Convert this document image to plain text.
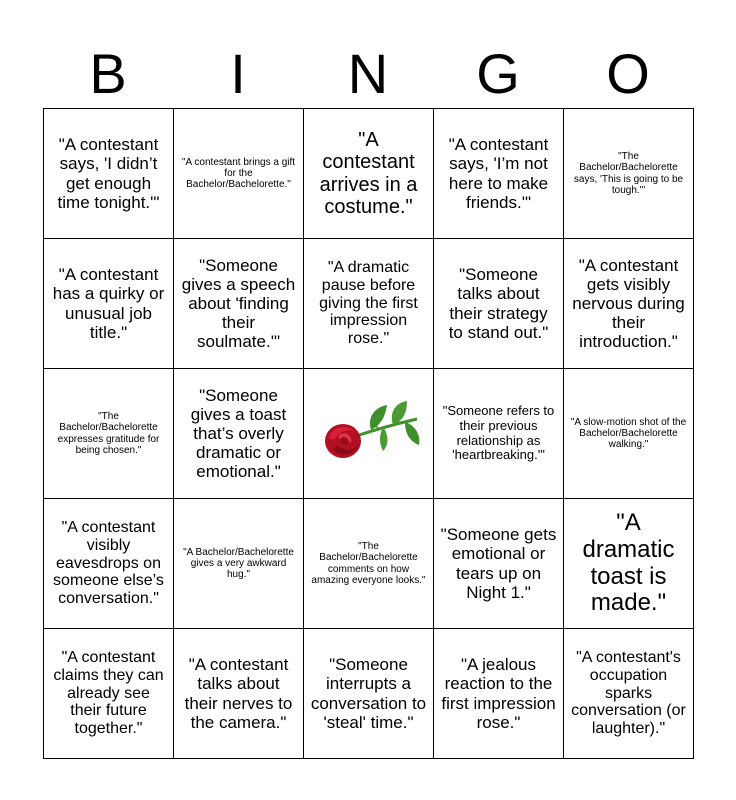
B	I	N	G	O
"A contestant says, 'I didn’t get enough time tonight.'"	"A contestant brings a gift for the Bachelor/Bachelorette."	"A contestant arrives in a costume."	"A contestant says, 'I’m not here to make friends.'"	"The Bachelor/Bachelorette says, 'This is going to be tough.'"
"A contestant has a quirky or unusual job title."	"Someone gives a speech about 'finding their soulmate.'"	"A dramatic pause before giving the first impression rose."	"Someone talks about their strategy to stand out."	"A contestant gets visibly nervous during their introduction."
"The Bachelor/Bachelorette expresses gratitude for being chosen."	"Someone gives a toast that’s overly dramatic or emotional."		"Someone refers to their previous relationship as 'heartbreaking.'"	"A slow-motion shot of the Bachelor/Bachelorette walking."
"A contestant visibly eavesdrops on someone else’s conversation."	"A Bachelor/Bachelorette gives a very awkward hug."	"The Bachelor/Bachelorette comments on how amazing everyone looks."	"Someone gets emotional or tears up on Night 1."	"A dramatic toast is made."
"A contestant claims they can already see their future together."	"A contestant talks about their nerves to the camera."	"Someone interrupts a conversation to 'steal' time."	"A jealous reaction to the first impression rose."	"A contestant's occupation sparks conversation (or laughter)."
